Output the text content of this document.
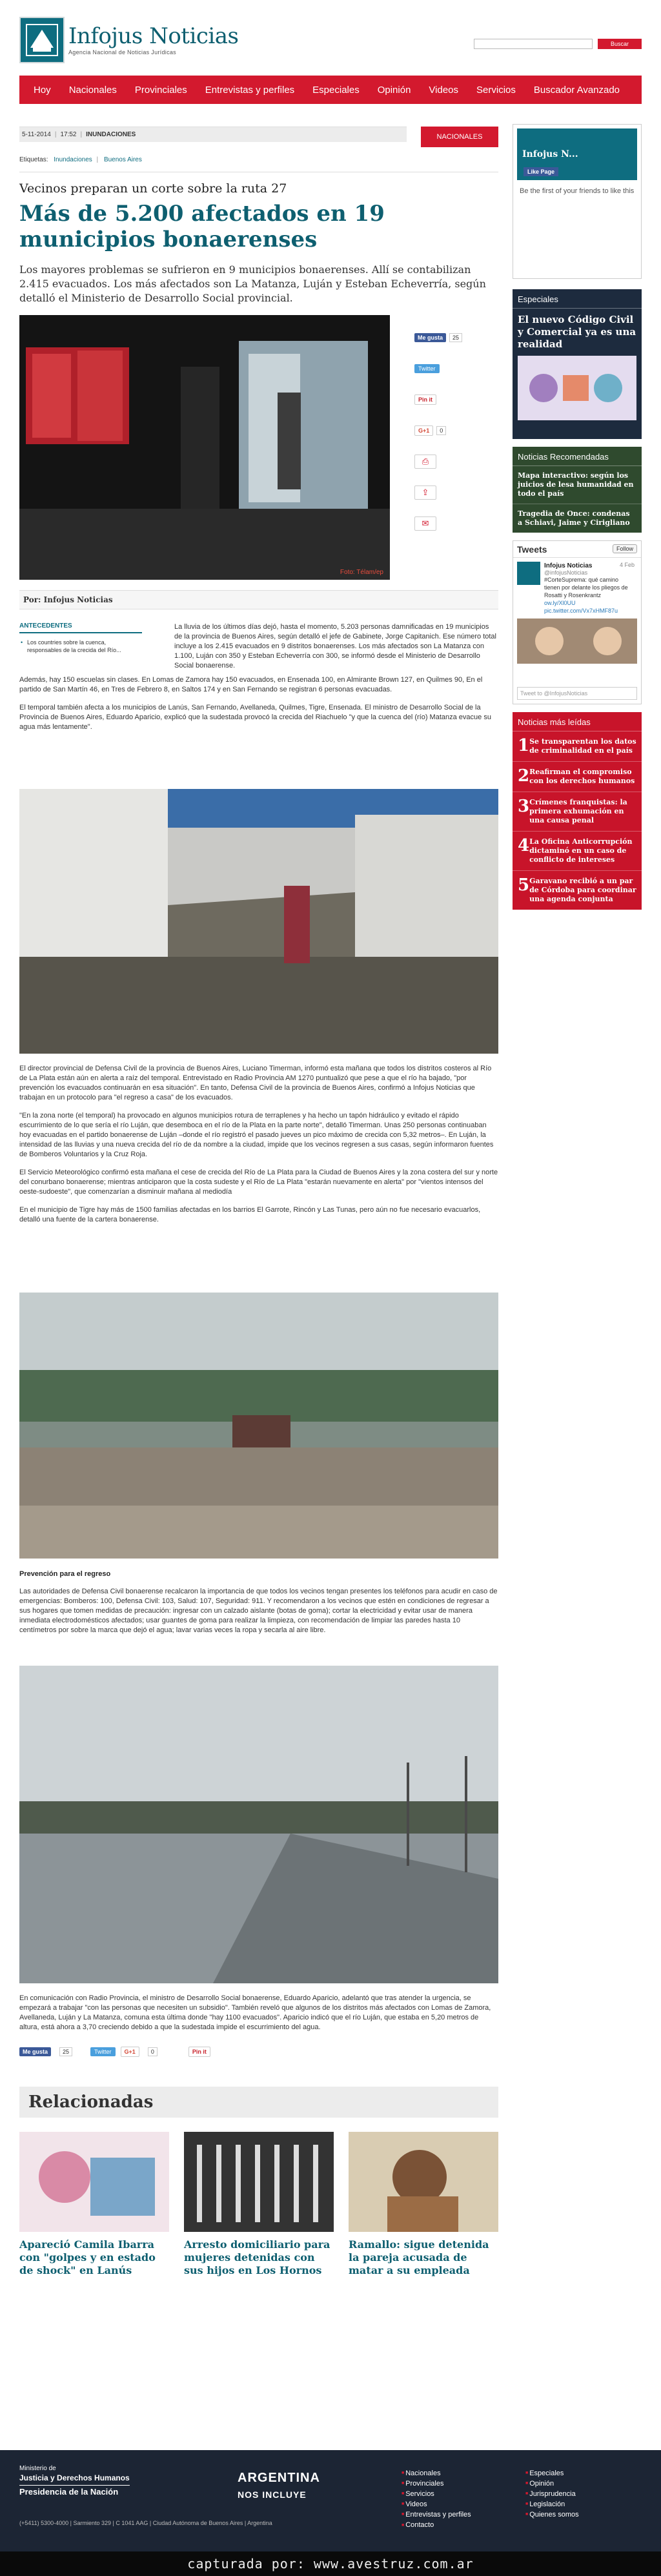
Infojus Noticias
Agencia Nacional de Noticias Jurídicas
Buscar
Hoy	Nacionales	Provinciales	Entrevistas y perfiles	Especiales	Opinión	Videos	Servicios	Buscador Avanzado
5-11-2014 | 17:52 | INUNDACIONES	NACIONALES
Etiquetas: Inundaciones | Buenos Aires
Vecinos preparan un corte sobre la ruta 27
Más de 5.200 afectados en 19 municipios bonaerenses
Los mayores problemas se sufrieron en 9 municipios bonaerenses. Allí se contabilizan 2.415 evacuados. Los más afectados son La Matanza, Luján y Esteban Echeverría, según detalló el Ministerio de Desarrollo Social provincial.
Foto: Télam/ep
Me gusta	25
Twitter
Pin it
G+1	0
⎙
⇪
✉
Por: Infojus Noticias
ANTECEDENTES
• Los countries sobre la cuenca, responsables de la crecida del Río...

La lluvia de los últimos días dejó, hasta el momento, 5.203 personas damnificadas en 19 municipios de la provincia de Buenos Aires, según detalló el jefe de Gabinete, Jorge Capitanich. Ese número total incluye a los 2.415 evacuados en 9 distritos bonaerenses. Los más afectados son La Matanza con 1.100, Luján con 350 y Esteban Echeverría con 300, se informó desde el Ministerio de Desarrollo Social bonaerense.

Además, hay 150 escuelas sin clases. En Lomas de Zamora hay 150 evacuados, en Ensenada 100, en Almirante Brown 127, en Quilmes 90, En el partido de San Martín 46, en Tres de Febrero 8, en Saltos 174 y en San Fernando se registran 6 personas evacuadas.

El temporal también afecta a los municipios de Lanús, San Fernando, Avellaneda, Quilmes, Tigre, Ensenada. El ministro de Desarrollo Social de la Provincia de Buenos Aires, Eduardo Aparicio, explicó que la sudestada provocó la crecida del Riachuelo "y que la cuenca del (río) Matanza evacue su agua más lentamente".

El director provincial de Defensa Civil de la provincia de Buenos Aires, Luciano Timerman, informó esta mañana que todos los distritos costeros al Río de La Plata están aún en alerta a raíz del temporal. Entrevistado en Radio Provincia AM 1270 puntualizó que pese a que el río ha bajado, "por prevención los evacuados continuarán en esa situación". En tanto, Defensa Civil de la provincia de Buenos Aires, confirmó a Infojus Noticias que trabajan en un protocolo para "el regreso a casa" de los evacuados.

"En la zona norte (el temporal) ha provocado en algunos municipios rotura de terraplenes y ha hecho un tapón hidráulico y evitado el rápido escurrimiento de lo que sería el río Luján, que desemboca en el río de la Plata en la parte norte", detalló Timerman. Unas 250 personas continuaban hoy evacuadas en el partido bonaerense de Luján –donde el río registró el pasado jueves un pico máximo de crecida con 5,32 metros–. En Luján, la intensidad de las lluvias y una nueva crecida del río de da nombre a la ciudad, impide que los vecinos regresen a sus casas, según informaron fuentes de Bomberos Voluntarios y la Cruz Roja.

El Servicio Meteorológico confirmó esta mañana el cese de crecida del Río de La Plata para la Ciudad de Buenos Aires y la zona costera del sur y norte del conurbano bonaerense; mientras anticiparon que la costa sudeste y el Río de La Plata "estarán nuevamente en alerta" por "vientos intensos del oeste-sudoeste", que comenzarían a disminuir mañana al mediodía

En el municipio de Tigre hay más de 1500 familias afectadas en los barrios El Garrote, Rincón y Las Tunas, pero aún no fue necesario evacuarlos, detalló una fuente de la cartera bonaerense.

Prevención para el regreso

Las autoridades de Defensa Civil bonaerense recalcaron la importancia de que todos los vecinos tengan presentes los teléfonos para acudir en caso de emergencias: Bomberos: 100, Defensa Civil: 103, Salud: 107, Seguridad: 911. Y recomendaron a los vecinos que estén en condiciones de regresar a sus hogares que tomen medidas de precaución: ingresar con un calzado aislante (botas de goma); cortar la electricidad y evitar usar de manera inmediata electrodomésticos afectados; usar guantes de goma para realizar la limpieza, con recomendación de limpiar las paredes hasta 10 centímetros por sobre la marca que dejó el agua; lavar varias veces la ropa y secarla al aire libre.

En comunicación con Radio Provincia, el ministro de Desarrollo Social bonaerense, Eduardo Aparicio, adelantó que tras atender la urgencia, se empezará a trabajar "con las personas que necesiten un subsidio". También reveló que algunos de los distritos más afectados con Lomas de Zamora, Avellaneda, Luján y La Matanza, comuna esta última donde "hay 1100 evacuados". Aparicio indicó que el río Luján, que estaba en 5,20 metros de altura, está ahora a 3,70 creciendo debido a que la sudestada impide el escurrimiento del agua.

Me gusta	25	Twitter	G+1	0	Pin it
Relacionadas
Apareció Camila Ibarra con "golpes y en estado de shock" en Lanús
Arresto domiciliario para mujeres detenidas con sus hijos en Los Hornos
Ramallo: sigue detenida la pareja acusada de matar a su empleada
Infojus N...
Like Page
Be the first of your friends to like this
Especiales
El nuevo Código Civil y Comercial ya es una realidad
Noticias Recomendadas
Mapa interactivo: según los juicios de lesa humanidad en todo el país
Tragedia de Once: condenas a Schiavi, Jaime y Cirigliano
Tweets	Follow
Infojus Noticias	4 Feb
@infojusNoticias
#CorteSuprema: qué camino tienen por delante los pliegos de Rosatti y Rosenkrantz
ow.ly/Xl0UU
pic.twitter.com/Vx7xHMF87u
Tweet to @InfojusNoticias
Noticias más leídas
1 Se transparentan los datos de criminalidad en el país
2 Reafirman el compromiso con los derechos humanos
3 Crímenes franquistas: la primera exhumación en una causa penal
4 La Oficina Anticorrupción dictaminó en un caso de conflicto de intereses
5 Garavano recibió a un par de Córdoba para coordinar una agenda conjunta
Ministerio de
Justicia y Derechos Humanos
Presidencia de la Nación
(+5411) 5300-4000 | Sarmiento 329 | C 1041 AAG | Ciudad Autónoma de Buenos Aires | Argentina
ARGENTINA
NOS INCLUYE
■ Nacionales
■ Provinciales
■ Servicios
■ Videos
■ Entrevistas y perfiles
■ Contacto
■ Especiales
■ Opinión
■ Jurisprudencia
■ Legislación
■ Quienes somos
capturada por: www.avestruz.com.ar
